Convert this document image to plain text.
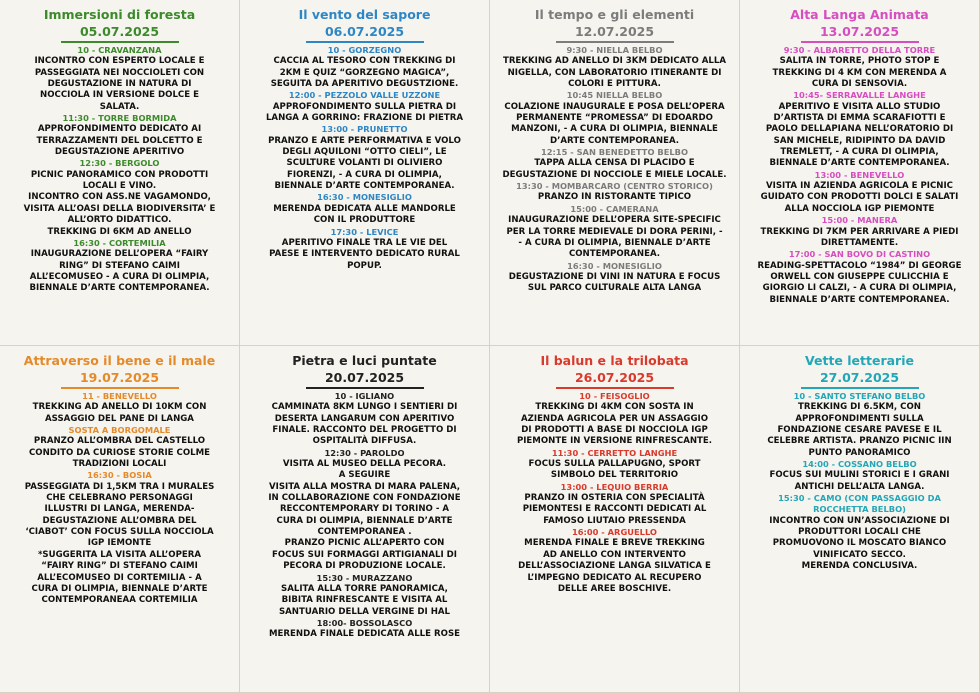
Immersioni di foresta
05.07.2025
10 - CRAVANZANA
INCONTRO CON ESPERTO LOCALE E
PASSEGGIATA NEI NOCCIOLETI CON
DEGUSTAZIONE IN NATURA DI
NOCCIOLA IN VERSIONE DOLCE E
SALATA.
11:30 - TORRE BORMIDA
APPROFONDIMENTO DEDICATO AI
TERRAZZAMENTI DEL DOLCETTO E
DEGUSTAZIONE APERITIVO
12:30 - BERGOLO
PICNIC PANORAMICO CON PRODOTTI
LOCALI E VINO.
INCONTRO CON ASS.NE VAGAMONDO,
VISITA ALL’OASI DELLA BIODIVERSITA’ E
ALL’ORTO DIDATTICO.
TREKKING DI 6KM AD ANELLO
16:30 - CORTEMILIA
INAUGURAZIONE DELL’OPERA “FAIRY
RING” DI STEFANO CAIMI
ALL’ECOMUSEO - A CURA DI OLIMPIA,
BIENNALE D’ARTE CONTEMPORANEA.
Il vento del sapore
06.07.2025
10 - GORZEGNO
CACCIA AL TESORO CON TREKKING DI
2KM E QUIZ “GORZEGNO MAGICA”,
SEGUITA DA APERITIVO DEGUSTZIONE.
12:00 - PEZZOLO VALLE UZZONE
APPROFONDIMENTO SULLA PIETRA DI
LANGA A GORRINO: FRAZIONE DI PIETRA
13:00 - PRUNETTO
PRANZO E ARTE PERFORMATIVA E VOLO
DEGLI AQUILONI “OTTO CIELI”, LE
SCULTURE VOLANTI DI OLIVIERO
FIORENZI, - A CURA DI OLIMPIA,
BIENNALE D’ARTE CONTEMPORANEA.
16:30 - MONESIGLIO
MERENDA DEDICATA ALLE MANDORLE
CON IL PRODUTTORE
17:30 - LEVICE
APERITIVO FINALE TRA LE VIE DEL
PAESE E INTERVENTO DEDICATO RURAL
POPUP.
Il tempo e gli elementi
12.07.2025
9:30 - NIELLA BELBO
TREKKING AD ANELLO DI 3KM DEDICATO ALLA
NIGELLA, CON LABORATORIO ITINERANTE DI
COLORI E PITTURA.
10:45 NIELLA BELBO
COLAZIONE INAUGURALE E POSA DELL’OPERA
PERMANENTE “PROMESSA” DI EDOARDO
MANZONI, - A CURA DI OLIMPIA, BIENNALE
D’ARTE CONTEMPORANEA.
12:15 - SAN BENEDETTO BELBO
TAPPA ALLA CENSA DI PLACIDO E
DEGUSTAZIONE DI NOCCIOLE E MIELE LOCALE.
13:30 - MOMBARCARO (CENTRO STORICO)
PRANZO IN RISTORANTE TIPICO
15:00 - CAMERANA
INAUGURAZIONE DELL’OPERA SITE-SPECIFIC
PER LA TORRE MEDIEVALE DI DORA PERINI, -
- A CURA DI OLIMPIA, BIENNALE D’ARTE
CONTEMPORANEA.
16:30 - MONESIGLIO
DEGUSTAZIONE DI VINI IN NATURA E FOCUS
SUL PARCO CULTURALE ALTA LANGA
Alta Langa Animata
13.07.2025
9:30 - ALBARETTO DELLA TORRE
SALITA IN TORRE, PHOTO STOP E
TREKKING DI 4 KM CON MERENDA A
CURA DI SENSOVIA.
10:45- SERRAVALLE LANGHE
APERITIVO E VISITA ALLO STUDIO
D’ARTISTA DI EMMA SCARAFIOTTI E
PAOLO DELLAPIANA NELL’ORATORIO DI
SAN MICHELE, RIDIPINTO DA DAVID
TREMLETT, - A CURA DI OLIMPIA,
BIENNALE D’ARTE CONTEMPORANEA.
13:00 - BENEVELLO
VISITA IN AZIENDA AGRICOLA E PICNIC
GUIDATO CON PRODOTTI DOLCI E SALATI
ALLA NOCCIOLA IGP PIEMONTE
15:00 - MANERA
TREKKING DI 7KM PER ARRIVARE A PIEDI
DIRETTAMENTE.
17:00 - SAN BOVO DI CASTINO
READING-SPETTACOLO “1984” DI GEORGE
ORWELL CON GIUSEPPE CULICCHIA E
GIORGIO LI CALZI, - A CURA DI OLIMPIA,
BIENNALE D’ARTE CONTEMPORANEA.
Attraverso il bene e il male
19.07.2025
11 - BENEVELLO
TREKKING AD ANELLO DI 10KM CON
ASSAGGIO DEL PANE DI LANGA
SOSTA A BORGOMALE
PRANZO ALL’OMBRA DEL CASTELLO
CONDITO DA CURIOSE STORIE COLME
TRADIZIONI LOCALI
16:30 - BOSIA
PASSEGGIATA DI 1,5KM TRA I MURALES
CHE CELEBRANO PERSONAGGI
ILLUSTRI DI LANGA, MERENDA-
DEGUSTAZIONE ALL’OMBRA DEL
‘CIABOT’ CON FOCUS SULLA NOCCIOLA
IGP IEMONTE
*SUGGERITA LA VISITA ALL’OPERA
“FAIRY RING” DI STEFANO CAIMI
ALL’ECOMUSEO DI CORTEMILIA - A
CURA DI OLIMPIA, BIENNALE D’ARTE
CONTEMPORANEAA CORTEMILIA
Pietra e luci puntate
20.07.2025
10 - IGLIANO
CAMMINATA 8KM LUNGO I SENTIERI DI
DESERTA LANGARUM CON APERITIVO
FINALE. RACCONTO DEL PROGETTO DI
OSPITALITÀ DIFFUSA.
12:30 - PAROLDO
VISITA AL MUSEO DELLA PECORA.
A SEGUIRE
VISITA ALLA MOSTRA DI MARA PALENA,
IN COLLABORAZIONE CON FONDAZIONE
RECCONTEMPORARY DI TORINO - A
CURA DI OLIMPIA, BIENNALE D’ARTE
CONTEMPORANEA .
PRANZO PICNIC ALL’APERTO CON
FOCUS SUI FORMAGGI ARTIGIANALI DI
PECORA DI PRODUZIONE LOCALE.
15:30 - MURAZZANO
SALITA ALLA TORRE PANORAMICA,
BIBITA RINFRESCANTE E VISITA AL
SANTUARIO DELLA VERGINE DI HAL
18:00- BOSSOLASCO
MERENDA FINALE DEDICATA ALLE ROSE
Il balun e la trilobata
26.07.2025
10 - FEISOGLIO
TREKKING DI 4KM CON SOSTA IN
AZIENDA AGRICOLA PER UN ASSAGGIO
DI PRODOTTI A BASE DI NOCCIOLA IGP
PIEMONTE IN VERSIONE RINFRESCANTE.
11:30 - CERRETTO LANGHE
FOCUS SULLA PALLAPUGNO, SPORT
SIMBOLO DEL TERRITORIO
13:00 - LEQUIO BERRIA
PRANZO IN OSTERIA CON SPECIALITÀ
PIEMONTESI E RACCONTI DEDICATI AL
FAMOSO LIUTAIO PRESSENDA
16:00 - ARGUELLO
MERENDA FINALE E BREVE TREKKING
AD ANELLO CON INTERVENTO
DELL’ASSOCIAZIONE LANGA SILVATICA E
L’IMPEGNO DEDICATO AL RECUPERO
DELLE AREE BOSCHIVE.
Vette letterarie
27.07.2025
10 - SANTO STEFANO BELBO
TREKKING DI 6.5KM, CON
APPROFONDIMENTI SULLA
FONDAZIONE CESARE PAVESE E IL
CELEBRE ARTISTA. PRANZO PICNIC IIN
PUNTO PANORAMICO
14:00 - COSSANO BELBO
FOCUS SUI MULINI STORICI E I GRANI
ANTICHI DELL’ALTA LANGA.
15:30 - CAMO (CON PASSAGGIO DA
ROCCHETTA BELBO)
INCONTRO CON UN’ASSOCIAZIONE DI
PRODUTTORI LOCALI CHE
PROMUOVONO IL MOSCATO BIANCO
VINIFICATO SECCO.
MERENDA CONCLUSIVA.
